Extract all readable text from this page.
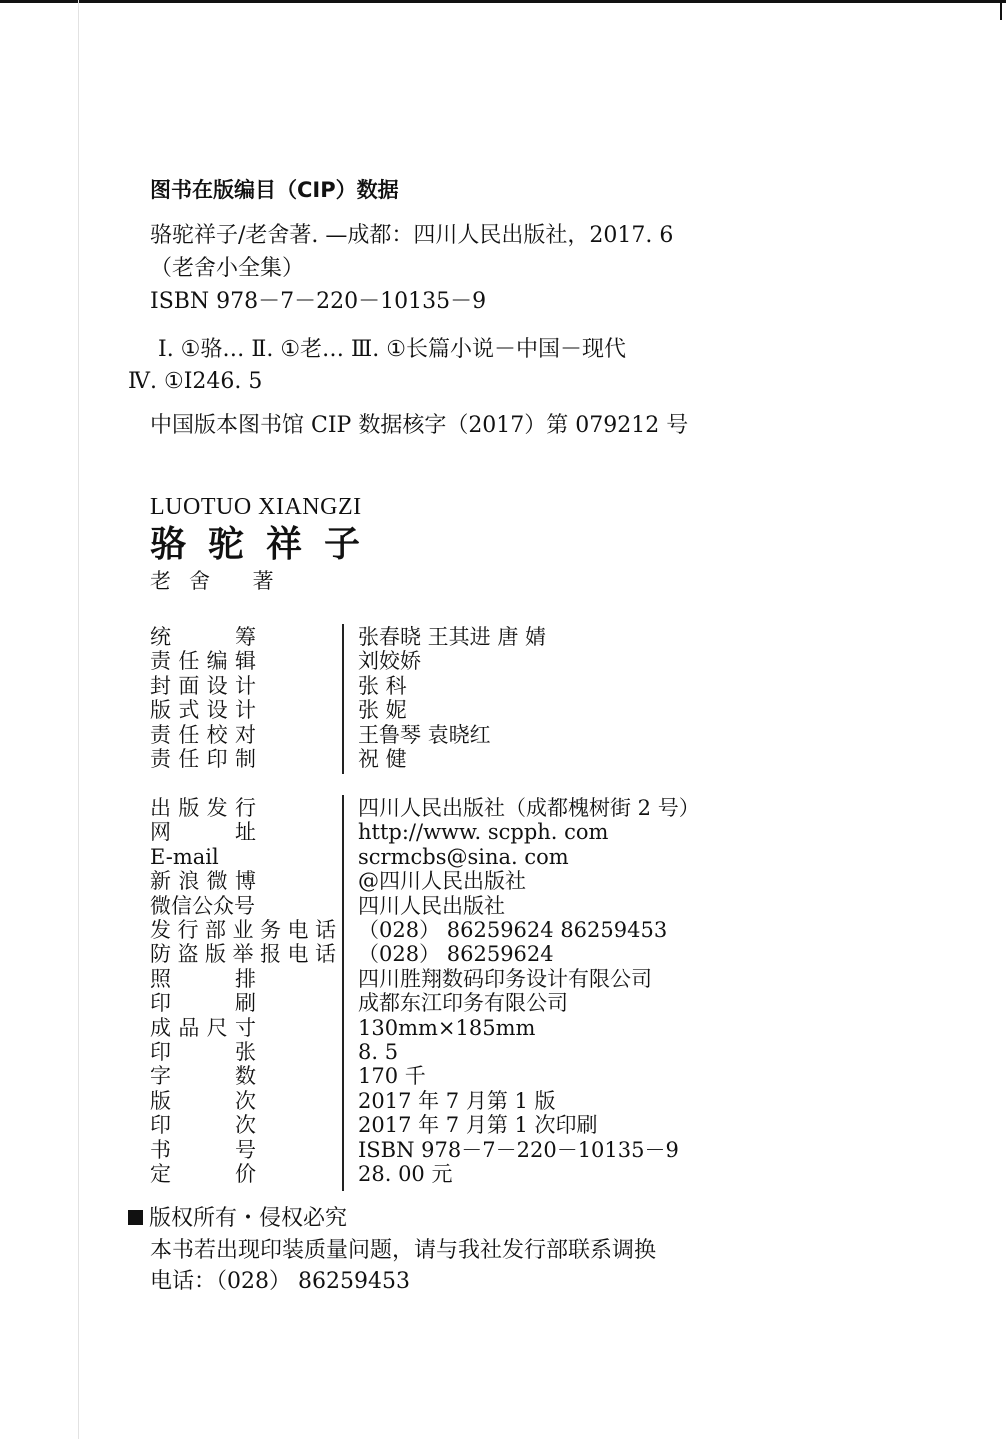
图书在版编目（CIP）数据
骆驼祥子/老舍著. —成都：四川人民出版社，2017. 6
（老舍小全集）
ISBN 978－7－220－10135－9
Ⅰ. ①骆… Ⅱ. ①老… Ⅲ. ①长篇小说－中国－现代
Ⅳ. ①I246. 5
中国版本图书馆 CIP 数据核字（2017）第 079212 号
LUOTUO XIANGZI
骆驼祥子
老舍 著
统筹	张春晓 王其进 唐 婧
责任编辑	刘姣娇
封面设计	张 科
版式设计	张 妮
责任校对	王鲁琴 袁晓红
责任印制	祝 健
出版发行	四川人民出版社（成都槐树街 2 号）
网址	http://www. scpph. com
E-mail	scrmcbs@sina. com
新浪微博	@四川人民出版社
微信公众号	四川人民出版社
发行部业务电话 （028） 86259624 86259453
防盗版举报电话 （028） 86259624
照排	四川胜翔数码印务设计有限公司
印刷	成都东江印务有限公司
成品尺寸	130mm×185mm
印张	8. 5
字数	170 千
版次	2017 年 7 月第 1 版
印次	2017 年 7 月第 1 次印刷
书号	ISBN 978－7－220－10135－9
定价	28. 00 元
版权所有・侵权必究
本书若出现印装质量问题，请与我社发行部联系调换
电话：（028） 86259453
